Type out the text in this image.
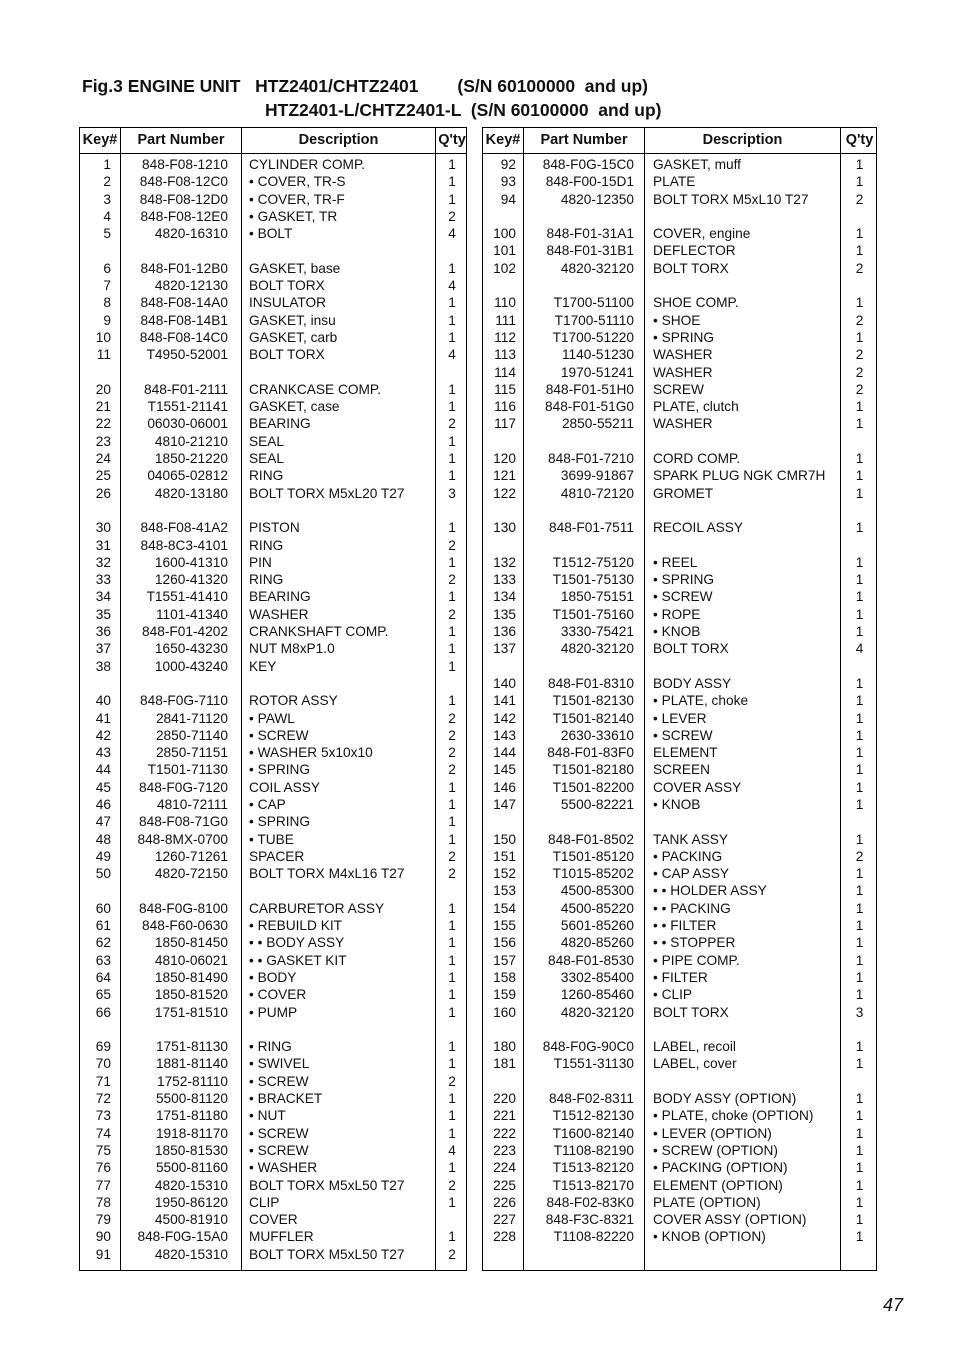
Fig.3 ENGINE UNIT   HTZ2401/CHTZ2401        (S/N 60100000  and up)
HTZ2401-L/CHTZ2401-L  (S/N 60100000  and up)
Key#	Part Number	Description	Q'ty
1	848-F08-1210 CYLINDER COMP.	1
2	848-F08-12C0 • COVER, TR-S	1
3	848-F08-12D0 • COVER, TR-F	1
4	848-F08-12E0 • GASKET, TR	2
5	4820-16310 • BOLT	4
6	848-F01-12B0 GASKET, base	1
7	4820-12130 BOLT TORX	4
8	848-F08-14A0 INSULATOR	1
9	848-F08-14B1 GASKET, insu	1
10	848-F08-14C0 GASKET, carb	1
11	T4950-52001 BOLT TORX	4
20	848-F01-2111 CRANKCASE COMP.	1
21	T1551-21141 GASKET, case	1
22	06030-06001 BEARING	2
23	4810-21210 SEAL	1
24	1850-21220 SEAL	1
25	04065-02812 RING	1
26	4820-13180 BOLT TORX M5xL20 T27	3
30	848-F08-41A2 PISTON	1
31	848-8C3-4101 RING	2
32	1600-41310 PIN	1
33	1260-41320 RING	2
34	T1551-41410 BEARING	1
35	1101-41340 WASHER	2
36	848-F01-4202 CRANKSHAFT COMP.	1
37	1650-43230 NUT M8xP1.0	1
38	1000-43240 KEY	1
40	848-F0G-7110 ROTOR ASSY	1
41	2841-71120 • PAWL	2
42	2850-71140 • SCREW	2
43	2850-71151 • WASHER 5x10x10	2
44	T1501-71130 • SPRING	2
45	848-F0G-7120 COIL ASSY	1
46	4810-72111 • CAP	1
47	848-F08-71G0 • SPRING	1
48	848-8MX-0700 • TUBE	1
49	1260-71261 SPACER	2
50	4820-72150 BOLT TORX M4xL16 T27	2
60	848-F0G-8100 CARBURETOR ASSY	1
61	848-F60-0630 • REBUILD KIT	1
62	1850-81450 • • BODY ASSY	1
63	4810-06021 • • GASKET KIT	1
64	1850-81490 • BODY	1
65	1850-81520 • COVER	1
66	1751-81510 • PUMP	1
69	1751-81130 • RING	1
70	1881-81140 • SWIVEL	1
71	1752-81110 • SCREW	2
72	5500-81120 • BRACKET	1
73	1751-81180 • NUT	1
74	1918-81170 • SCREW	1
75	1850-81530 • SCREW	4
76	5500-81160 • WASHER	1
77	4820-15310 BOLT TORX M5xL50 T27	2
78	1950-86120 CLIP	1
79	4500-81910 COVER
90	848-F0G-15A0 MUFFLER	1
91	4820-15310 BOLT TORX M5xL50 T27	2
Key#	Part Number	Description	Q'ty
92	848-F0G-15C0 GASKET, muff	1
93	848-F00-15D1 PLATE	1
94	4820-12350 BOLT TORX M5xL10 T27	2
100	848-F01-31A1 COVER, engine	1
101	848-F01-31B1 DEFLECTOR	1
102	4820-32120 BOLT TORX	2
110	T1700-51100 SHOE COMP.	1
111	T1700-51110 • SHOE	2
112	T1700-51220 • SPRING	1
113	1140-51230 WASHER	2
114	1970-51241 WASHER	2
115	848-F01-51H0 SCREW	2
116	848-F01-51G0 PLATE, clutch	1
117	2850-55211 WASHER	1
120	848-F01-7210 CORD COMP.	1
121	3699-91867 SPARK PLUG NGK CMR7H	1
122	4810-72120 GROMET	1
130	848-F01-7511 RECOIL ASSY	1
132	T1512-75120 • REEL	1
133	T1501-75130 • SPRING	1
134	1850-75151 • SCREW	1
135	T1501-75160 • ROPE	1
136	3330-75421 • KNOB	1
137	4820-32120 BOLT TORX	4
140	848-F01-8310 BODY ASSY	1
141	T1501-82130 • PLATE, choke	1
142	T1501-82140 • LEVER	1
143	2630-33610 • SCREW	1
144	848-F01-83F0 ELEMENT	1
145	T1501-82180 SCREEN	1
146	T1501-82200 COVER ASSY	1
147	5500-82221 • KNOB	1
150	848-F01-8502 TANK ASSY	1
151	T1501-85120 • PACKING	2
152	T1015-85202 • CAP ASSY	1
153	4500-85300 • • HOLDER ASSY	1
154	4500-85220 • • PACKING	1
155	5601-85260 • • FILTER	1
156	4820-85260 • • STOPPER	1
157	848-F01-8530 • PIPE COMP.	1
158	3302-85400 • FILTER	1
159	1260-85460 • CLIP	1
160	4820-32120 BOLT TORX	3
180	848-F0G-90C0 LABEL, recoil	1
181	T1551-31130 LABEL, cover	1
220	848-F02-8311 BODY ASSY (OPTION)	1
221	T1512-82130 • PLATE, choke (OPTION)	1
222	T1600-82140 • LEVER (OPTION)	1
223	T1108-82190 • SCREW (OPTION)	1
224	T1513-82120 • PACKING (OPTION)	1
225	T1513-82170 ELEMENT (OPTION)	1
226	848-F02-83K0 PLATE (OPTION)	1
227	848-F3C-8321 COVER ASSY (OPTION)	1
228	T1108-82220 • KNOB (OPTION)	1
47
